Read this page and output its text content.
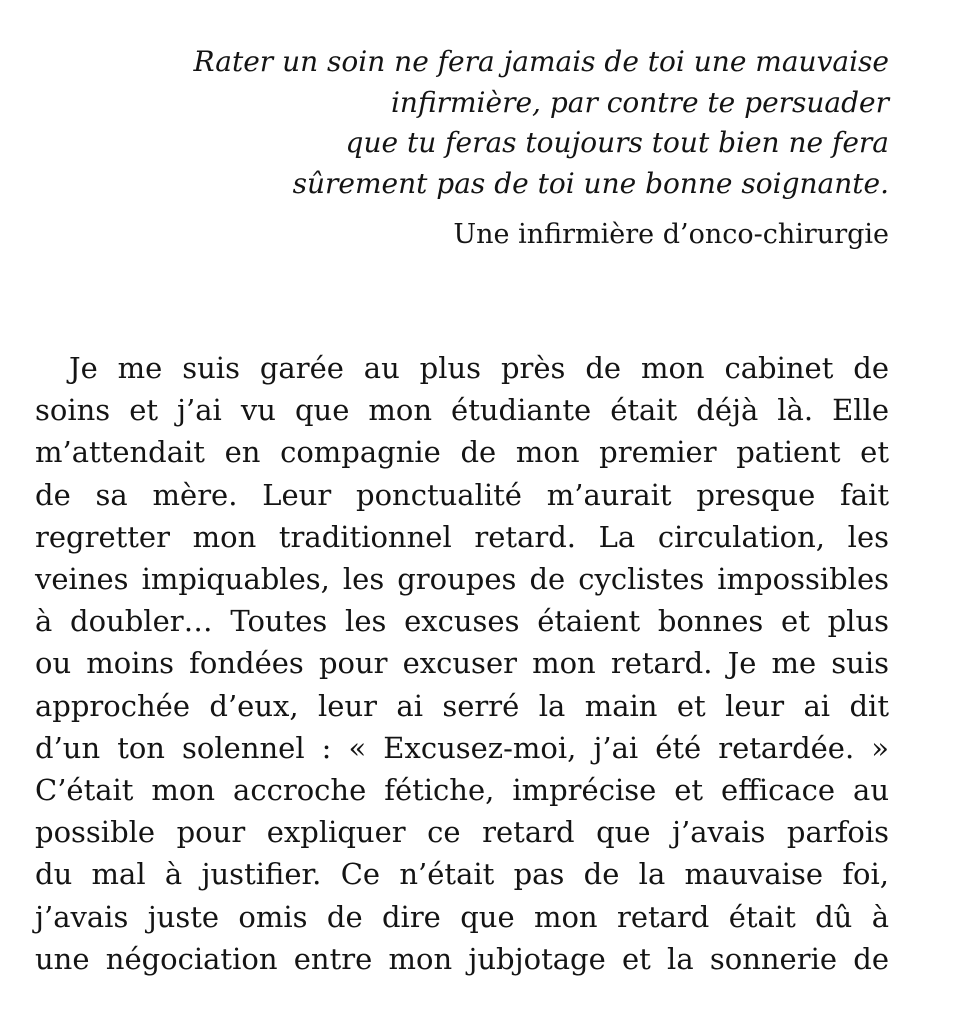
Rater un soin ne fera jamais de toi une mauvaise
infirmière, par contre te persuader
que tu feras toujours tout bien ne fera
sûrement pas de toi une bonne soignante.
Une infirmière d’onco-chirurgie
Je me suis garée au plus près de mon cabinet de
soins et j’ai vu que mon étudiante était déjà là. Elle
m’attendait en compagnie de mon premier patient et
de sa mère. Leur ponctualité m’aurait presque fait
regretter mon traditionnel retard. La circulation, les
veines impiquables, les groupes de cyclistes impossibles
à doubler… Toutes les excuses étaient bonnes et plus
ou moins fondées pour excuser mon retard. Je me suis
approchée d’eux, leur ai serré la main et leur ai dit
d’un ton solennel : « Excusez-moi, j’ai été retardée. »
C’était mon accroche fétiche, imprécise et efficace au
possible pour expliquer ce retard que j’avais parfois
du mal à justifier. Ce n’était pas de la mauvaise foi,
j’avais juste omis de dire que mon retard était dû à
une négociation entre mon jubjotage et la sonnerie de
